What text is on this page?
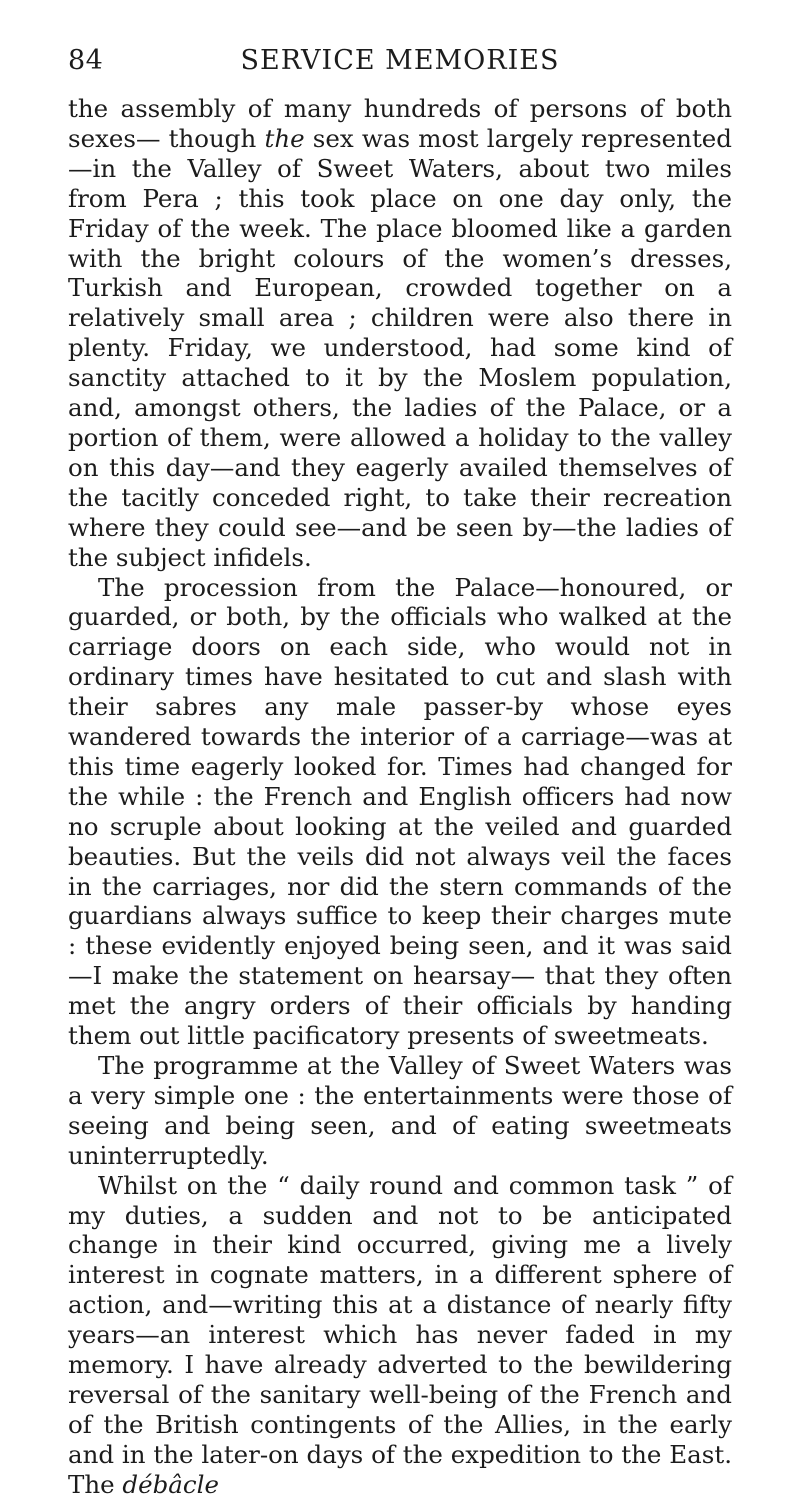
84	SERVICE MEMORIES

the assembly of many hundreds of persons of both sexes— though the sex was most largely represented—in the Valley of Sweet Waters, about two miles from Pera ; this took place on one day only, the Friday of the week. The place bloomed like a garden with the bright colours of the women’s dresses, Turkish and European, crowded together on a relatively small area ; children were also there in plenty. Friday, we understood, had some kind of sanctity attached to it by the Moslem population, and, amongst others, the ladies of the Palace, or a portion of them, were allowed a holiday to the valley on this day—and they eagerly availed themselves of the tacitly conceded right, to take their recreation where they could see—and be seen by—the ladies of the subject infidels.

The procession from the Palace—honoured, or guarded, or both, by the officials who walked at the carriage doors on each side, who would not in ordinary times have hesitated to cut and slash with their sabres any male passer-by whose eyes wandered towards the interior of a carriage—was at this time eagerly looked for. Times had changed for the while : the French and English officers had now no scruple about looking at the veiled and guarded beauties. But the veils did not always veil the faces in the carriages, nor did the stern commands of the guardians always suffice to keep their charges mute : these evidently enjoyed being seen, and it was said—I make the statement on hearsay— that they often met the angry orders of their officials by handing them out little pacificatory presents of sweetmeats.

The programme at the Valley of Sweet Waters was a very simple one : the entertainments were those of seeing and being seen, and of eating sweetmeats uninterruptedly.

Whilst on the “ daily round and common task ” of my duties, a sudden and not to be anticipated change in their kind occurred, giving me a lively interest in cognate matters, in a different sphere of action, and—writing this at a distance of nearly fifty years—an interest which has never faded in my memory. I have already adverted to the bewildering reversal of the sanitary well-being of the French and of the British contingents of the Allies, in the early and in the later-on days of the expedition to the East. The débâcle
